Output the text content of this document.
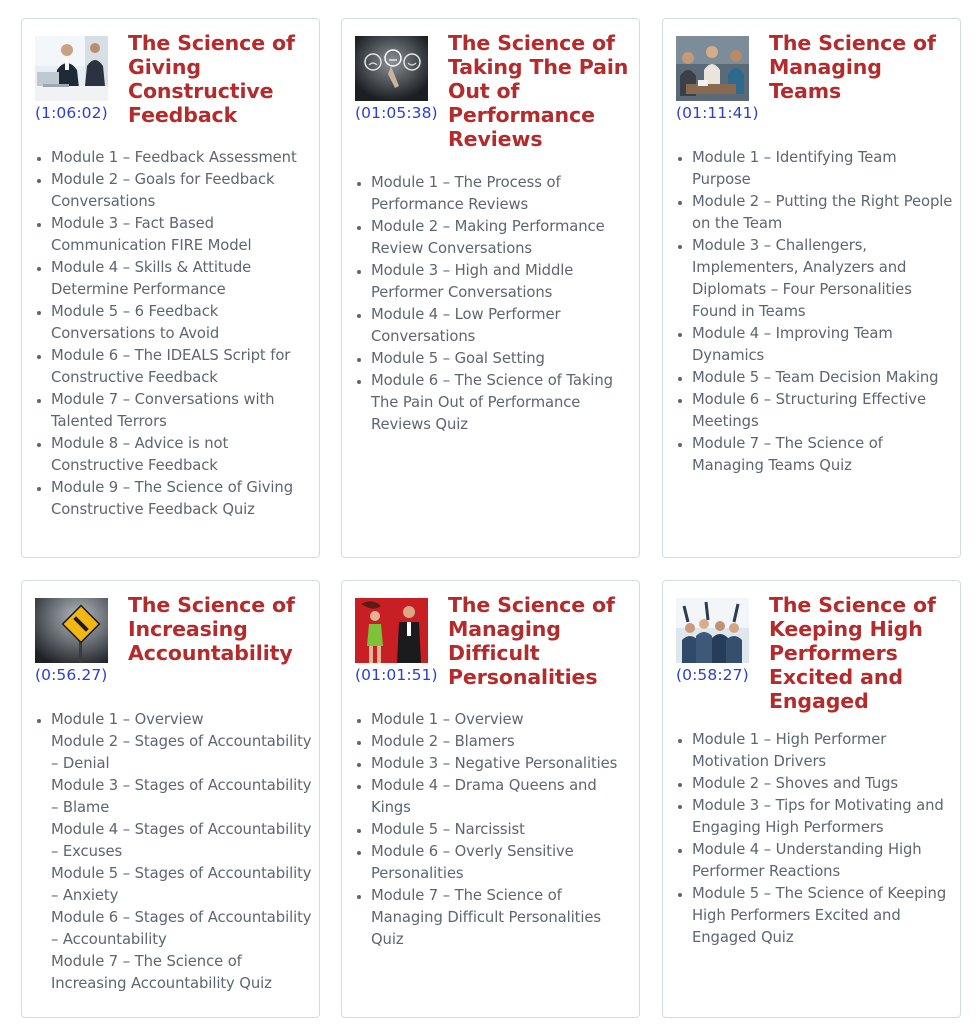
(1:06:02)
The Science of Giving Constructive Feedback
• Module 1 – Feedback Assessment
• Module 2 – Goals for Feedback Conversations
• Module 3 – Fact Based Communication FIRE Model
• Module 4 – Skills & Attitude Determine Performance
• Module 5 – 6 Feedback Conversations to Avoid
• Module 6 – The IDEALS Script for Constructive Feedback
• Module 7 – Conversations with Talented Terrors
• Module 8 – Advice is not Constructive Feedback
• Module 9 – The Science of Giving Constructive Feedback Quiz
(01:05:38)
The Science of Taking The Pain Out of Performance Reviews
• Module 1 – The Process of Performance Reviews
• Module 2 – Making Performance Review Conversations
• Module 3 – High and Middle Performer Conversations
• Module 4 – Low Performer Conversations
• Module 5 – Goal Setting
• Module 6 – The Science of Taking The Pain Out of Performance Reviews Quiz
(01:11:41)
The Science of Managing Teams
• Module 1 – Identifying Team Purpose
• Module 2 – Putting the Right People on the Team
• Module 3 – Challengers, Implementers, Analyzers and Diplomats – Four Personalities Found in Teams
• Module 4 – Improving Team Dynamics
• Module 5 – Team Decision Making
• Module 6 – Structuring Effective Meetings
• Module 7 – The Science of Managing Teams Quiz
(0:56.27)
The Science of Increasing Accountability
• Module 1 – Overview
Module 2 – Stages of Accountability – Denial
Module 3 – Stages of Accountability – Blame
Module 4 – Stages of Accountability – Excuses
Module 5 – Stages of Accountability – Anxiety
Module 6 – Stages of Accountability – Accountability
Module 7 – The Science of Increasing Accountability Quiz
(01:01:51)
The Science of Managing Difficult Personalities
• Module 1 – Overview
• Module 2 – Blamers
• Module 3 – Negative Personalities
• Module 4 – Drama Queens and Kings
• Module 5 – Narcissist
• Module 6 – Overly Sensitive Personalities
• Module 7 – The Science of Managing Difficult Personalities Quiz
(0:58:27)
The Science of Keeping High Performers Excited and Engaged
• Module 1 – High Performer Motivation Drivers
• Module 2 – Shoves and Tugs
• Module 3 – Tips for Motivating and Engaging High Performers
• Module 4 – Understanding High Performer Reactions
• Module 5 – The Science of Keeping High Performers Excited and Engaged Quiz
